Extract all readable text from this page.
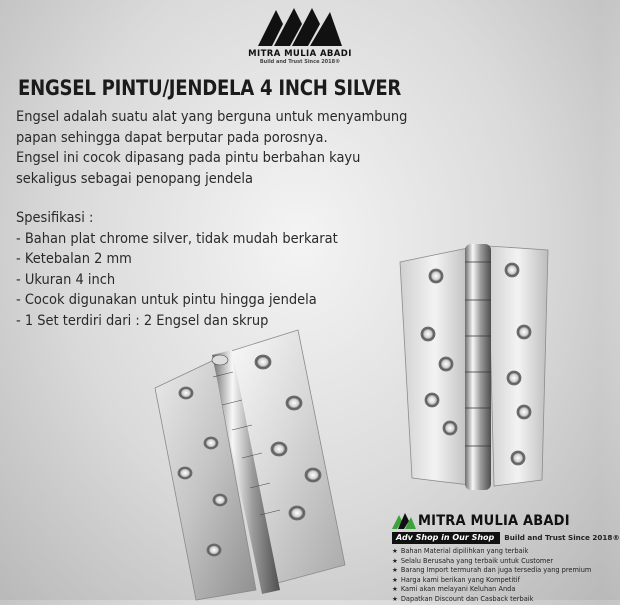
MITRA MULIA ABADI
Build and Trust Since 2018®
ENGSEL PINTU/JENDELA 4 INCH SILVER

Engsel adalah suatu alat yang berguna untuk menyambung

papan sehingga dapat berputar pada porosnya.

Engsel ini cocok dipasang pada pintu berbahan kayu

sekaligus sebagai penopang jendela

Spesifikasi :
- Bahan plat chrome silver, tidak mudah berkarat
- Ketebalan 2 mm
- Ukuran 4 inch
- Cocok digunakan untuk pintu hingga jendela
- 1 Set terdiri dari : 2 Engsel dan skrup
MITRA MULIA ABADI
Adv Shop in Our Shop	Build and Trust Since 2018®
★ Bahan Material dipilihkan yang terbaik
★ Selalu Berusaha yang terbaik untuk Customer
★ Barang Import termurah dan juga tersedia yang premium
★ Harga kami berikan yang Kompetitif
★ Kami akan melayani Keluhan Anda
★ Dapatkan Discount dan Casback terbaik
